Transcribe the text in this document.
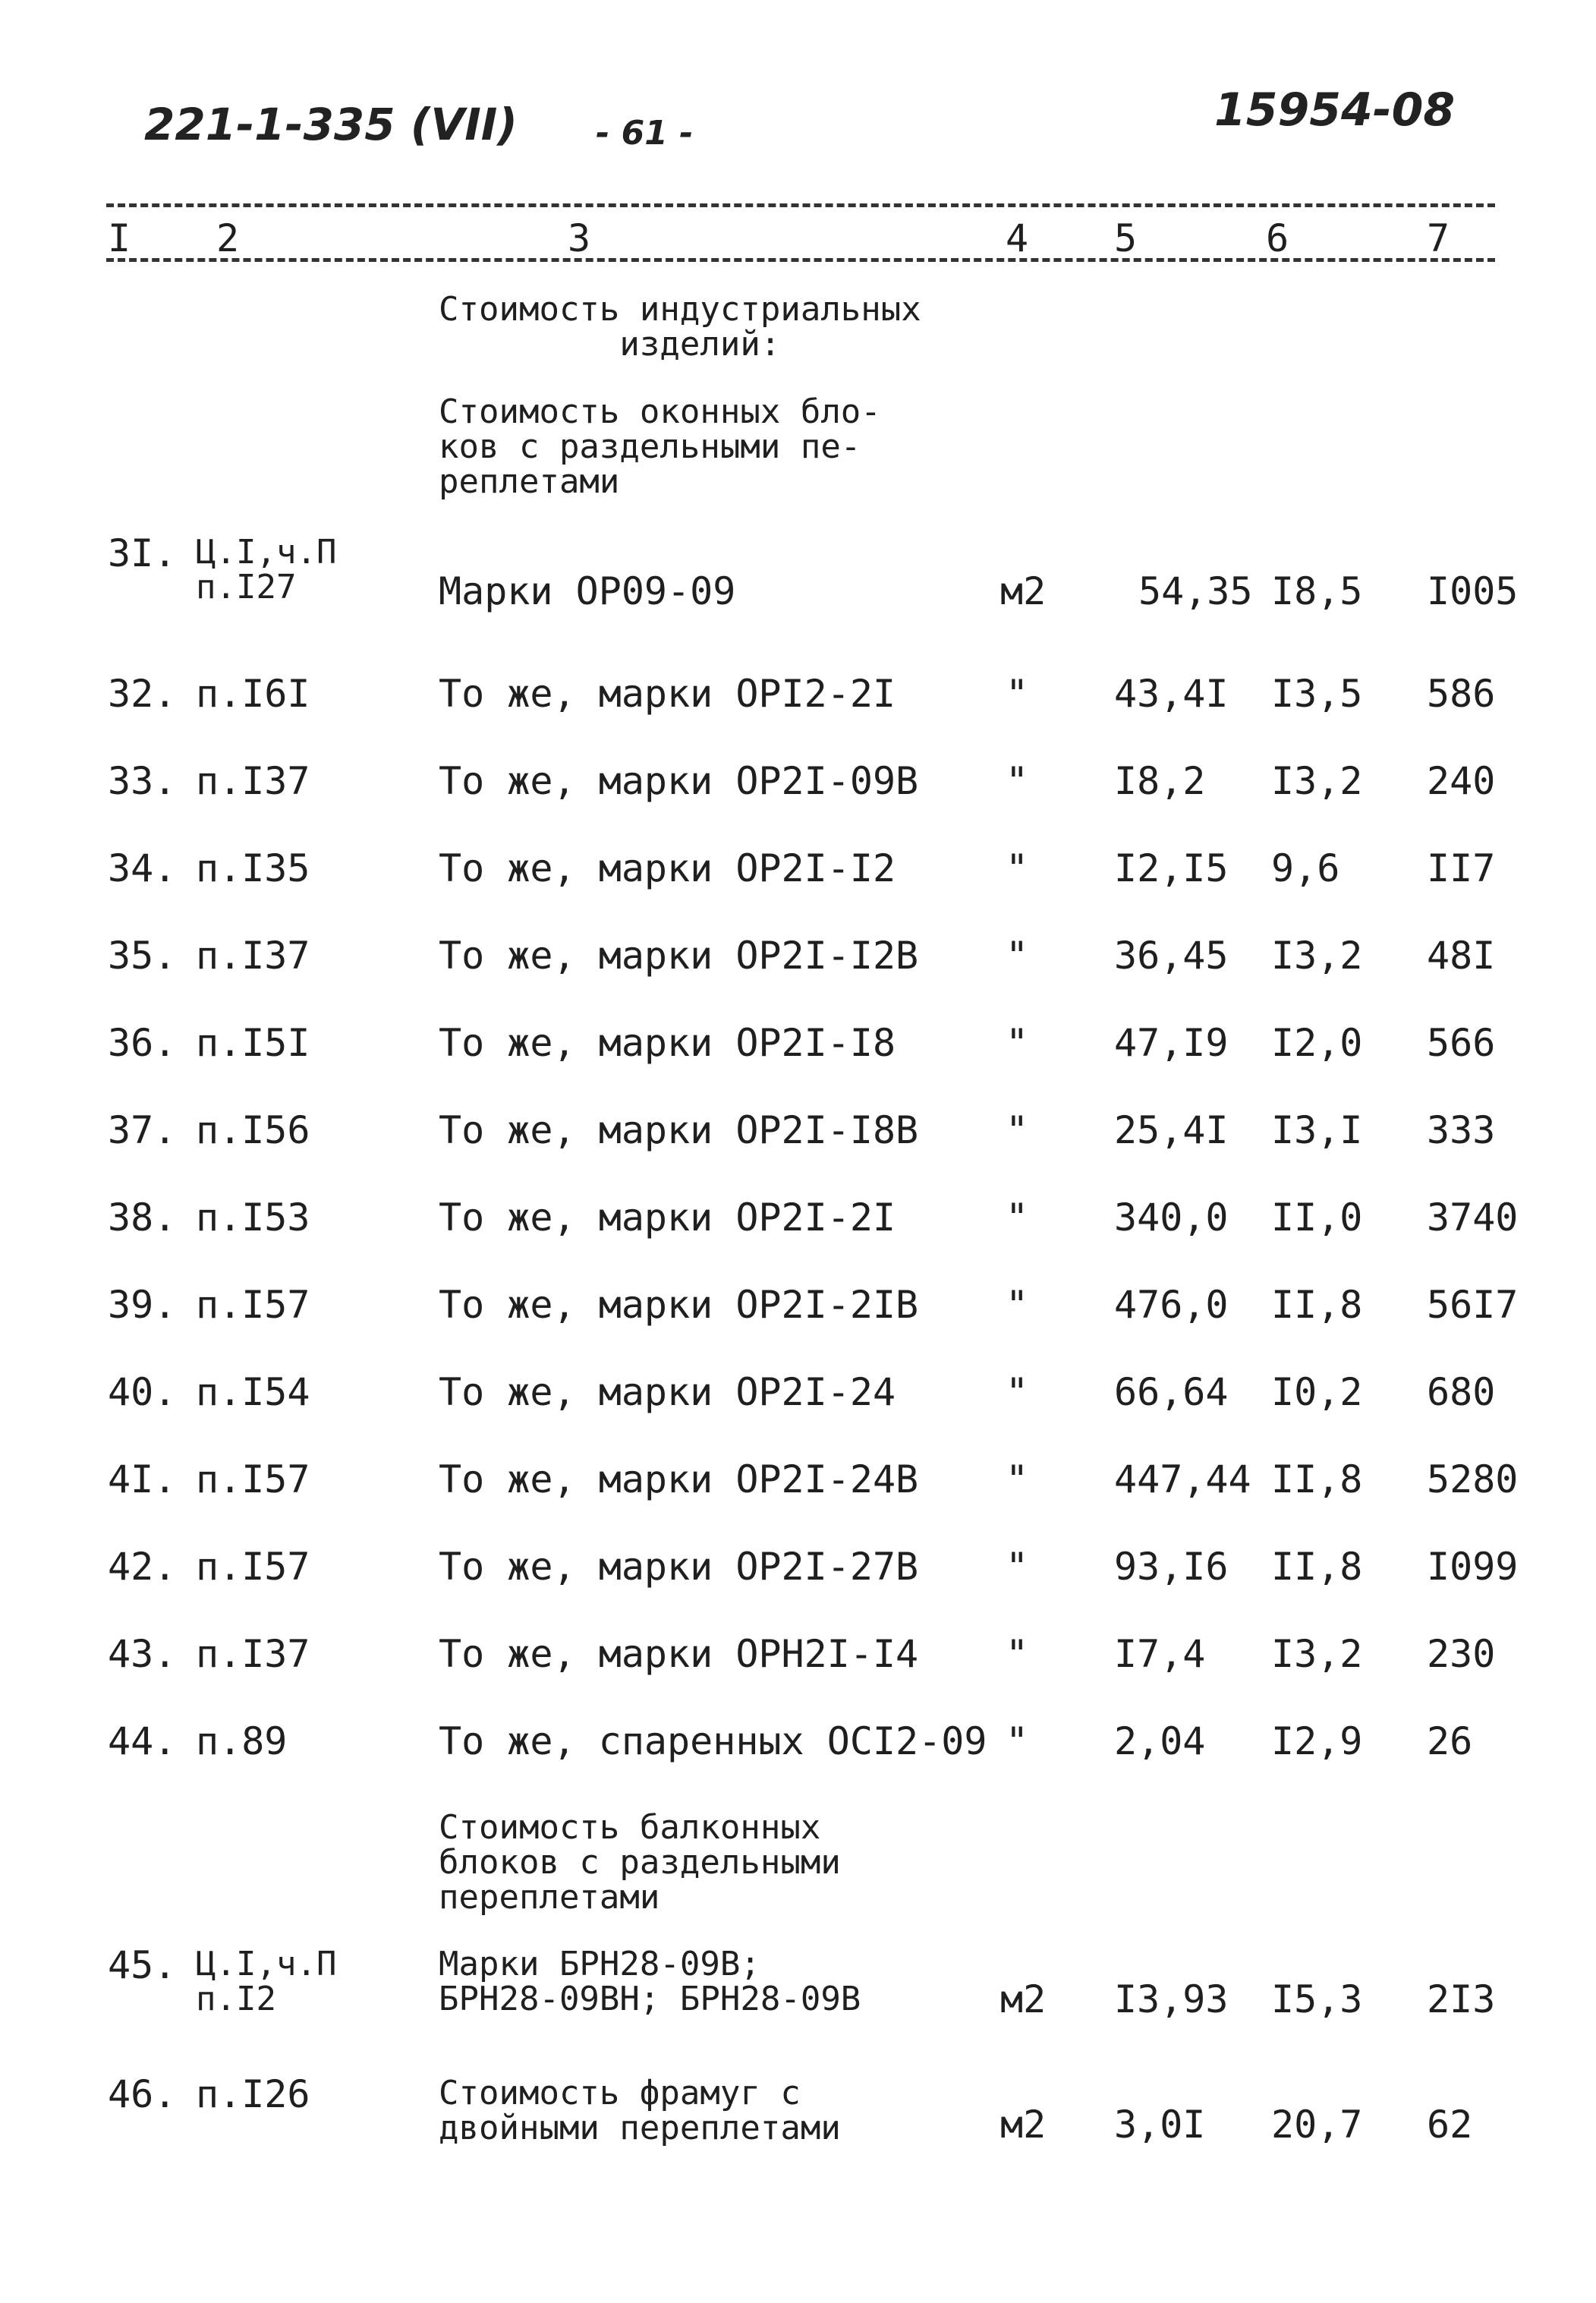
221-1-335 (VII) - 61 -	15954-08
I 2	3	4 5	6	7
Стоимость индустриальных
изделий:
Стоимость оконных бло-
ков с раздельными пе-
реплетами
Стоимость балконных
блоков с раздельными
переплетами
3I. Ц.I,ч.П
п.I27	Марки ОР09-09	м2 54,35 I8,5 I005
32. п.I6I	То же, марки ОРI2-2I	" 43,4I I3,5 586
33. п.I37	То же, марки ОР2I-09В " I8,2 I3,2 240
34. п.I35	То же, марки ОР2I-I2	" I2,I5 9,6 II7
35. п.I37	То же, марки ОР2I-I2В " 36,45 I3,2 48I
36. п.I5I	То же, марки ОР2I-I8	" 47,I9 I2,0 566
37. п.I56	То же, марки ОР2I-I8В " 25,4I I3,I 333
38. п.I53	То же, марки ОР2I-2I	" 340,0 II,0 3740
39. п.I57	То же, марки ОР2I-2IВ " 476,0 II,8 56I7
40. п.I54	То же, марки ОР2I-24	" 66,64 I0,2 680
4I. п.I57	То же, марки ОР2I-24В " 447,44 II,8 5280
42. п.I57	То же, марки ОР2I-27В " 93,I6 II,8 I099
43. п.I37	То же, марки ОРН2I-I4 " I7,4 I3,2 230
44. п.89	То же, спаренных ОСI2-09 " 2,04 I2,9 26
45. Ц.I,ч.П
п.I2
Марки БРН28-09В;
БРН28-09ВН; БРН28-09В	м2 I3,93 I5,3 2I3
46. п.I26	Стоимость фрамуг с
двойными переплетами	м2 3,0I 20,7 62
